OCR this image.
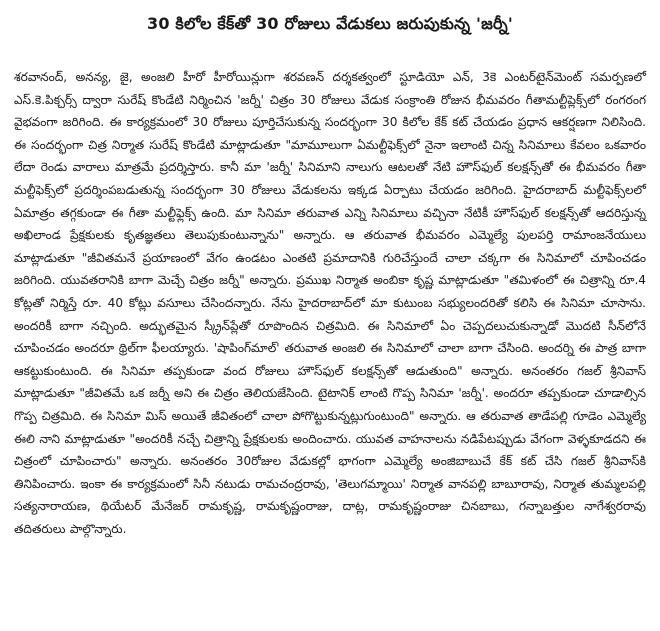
30 కిలోల కేక్‌తో 30 రోజులు వేడుకలు జరుపుకున్న 'జర్నీ'

శర‌వానంద్, అనన్య, జై, అంజలి హీరో హీరోయిన్లుగా శరవణన్ దర్శకత్వంలో స్టూడియో ఎన్, 3కె ఎంటర్‌టైన్‌మెంట్ సమర్పణలో ఎస్.కె.పిక్చర్స్ ద్వారా సురేష్ కొండేటి నిర్మించిన 'జర్నీ' చిత్రం 30 రోజులు వేడుక సంక్రాంతి రోజున భీమవరం గీతామల్టీప్లెక్స్‌లో రంగరంగ వైభవంగా జరిగింది. ఈ కార్యక్రమంలో 30 రోజులు పూర్తిచేసుకున్న సందర్భంగా 30 కిలోల కేక్ కట్ చేయడం ప్రధాన ఆకర్షణగా నిలిసింది. ఈ సందర్భంగా చిత్ర నిర్మాత సురేష్ కొండేటి మాట్లాడుతూ "మామూలుగా ఏమల్టీఫెక్స్‌లో నైనా ఇలాంటి చిన్న సినిమాలు కేవలం ఒకవారం లేదా రెండు వారాలు మాత్రమే ప్రదర్శిస్తారు. కానీ మా 'జర్నీ' సినిమాని నాలుగు ఆటలతో నేటి హౌస్‌ఫుల్ కలక్షన్స్‌తో ఈ భీమవరం గీతా మల్టీఫెక్స్‌లో ప్రదర్శింపబడుతున్న సందర్భంగా 30 రోజులు వేడుకలను ఇక్కడ ఏర్పాటు చేయడం జరిగింది. హైదరాబాద్ మల్టీఫెక్స్‌లలో ఏమాత్రం తగ్గకుండా ఈ గీతా మల్టీఫ్లెక్స్ ఉంది. మా సినిమా తరువాత ఎన్ని సినిమాలు వచ్చినా నేటికీ హౌస్‌ఫుల్ కలక్షన్స్‌తో ఆదరిస్తున్న అఖిలాండ ప్రేక్షకులకు కృతజ్ఞతలు తెలుపుకుంటున్నాను" అన్నారు. ఆ తరువాత భీమవరం ఎమ్మెల్యే పులపర్తి రామాంజనేయులు మాట్లాడుతూ "జీవితమనే ప్రయాణంలో వేగం ఉండటం ఎంతటి ప్రమాదానికి గురిచేస్తుందే చాలా చక్కగా ఈ సినిమాలో చూపించడం జరిగింది. యువతరానికి బాగా మెచ్చే చిత్రం జర్నీ" అన్నారు. ప్రముఖ నిర్మాత అంబికా కృష్ణ మాట్లాడుతూ "తమిళంలో ఈ చిత్రాన్ని రూ.4 కోట్లతో నిర్మిస్తే రూ. 40 కోట్లు వసూలు చేసిందన్నారు. నేను హైదరాబాద్‌లో మా కుటుంబ సభ్యులందరితో కలిసి ఈ సినిమా చూసాను. అందరికీ బాగా నచ్చింది. అద్భుతమైన స్క్రీన్‌ప్లేతో రూపొందిన చిత్రమిది. ఈ సినిమాలో ఏం చెప్పదలుచుకున్నాడో మొదటి సీన్‌లోనే చూపించడం అందరూ థ్రిల్‌గా ఫీలయ్యారు. 'షాపింగ్‌మాల్' తరువాత అంజలి ఈ సినిమాలో చాలా బాగా చేసింది. అందర్ని ఈ పాత్ర బాగా ఆకట్టుకుంటుంది. ఈ సినిమా తప్పకుండా వంద రోజులు హౌస్‌ఫుల్ కలక్షన్స్‌తో ఆడుతుంది" అన్నారు. అనంతరం గజల్ శ్రీనివాస్ మాట్లాడుతూ "జీవితమే ఒక జర్నీ అని ఈ చిత్రం తెలియజేసింది. టైటానిక్ లాంటి గొప్ప సినిమా 'జర్నీ'. అందరూ తప్పకుండా చూడాల్సిన గొప్ప చిత్రమిది. ఈ సినిమా మిస్ అయితే జీవితంలో చాలా పోగొట్టుకున్నట్లుగుంటుంది" అన్నారు. ఆ తరువాత తాడేపల్లి గూడెం ఎమ్మెల్యే ఈలి నాని మాట్లాడుతూ "అందరికీ నచ్చే చిత్రాన్ని ప్రేక్షకులకు అందించారు. యువత వాహనాలను నడిపేటప్పుడు వేగంగా వెళ్ళకూడదని ఈ చిత్రంలో చూపించారు" అన్నారు. అనంతరం 30రోజుల వేడుకల్లో భాగంగా ఎమ్మెల్యే అంజిబాబుచే కేక్ కట్ చేసి గజల్ శ్రీనివాస్‌కి తినిపించారు. ఇంకా ఈ కార్యక్రమంలో సినీ నటుడు రామచంద్రరావు, 'తెలుగమ్మాయి' నిర్మాత వానపల్లి బాబూరావు, నిర్మాత తుమ్మలపల్లి సత్యనారాయణ, థియేటర్ మేనేజర్ రామకృష్ణ, రామకృష్ణంరాజు, దాట్ల, రామకృష్ణంరాజు చినబాబు, గన్నాబత్తుల నాగేశ్వరరావు తదితరులు పాల్గొన్నారు.
